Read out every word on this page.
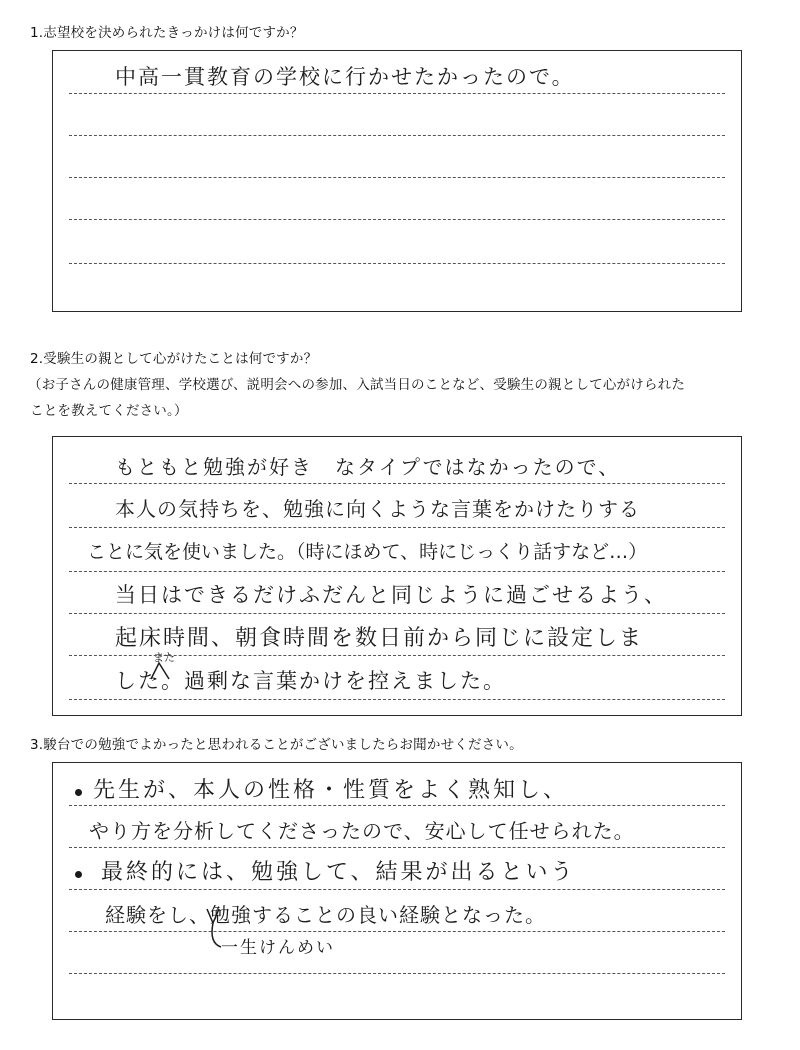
1.志望校を決められたきっかけは何ですか？
中高一貫教育の学校に行かせたかったので。
2.受験生の親として心がけたことは何ですか？
（お子さんの健康管理、学校選び、説明会への参加、入試当日のことなど、受験生の親として心がけられた
ことを教えてください。）
もともと勉強が好き　なタイプではなかったので、
本人の気持ちを、勉強に向くような言葉をかけたりする
ことに気を使いました。（時にほめて、時にじっくり話すなど…）
当日はできるだけふだんと同じように過ごせるよう、
起床時間、朝食時間を数日前から同じに設定しま
した。過剰な言葉かけを控えました。
また
3.駿台での勉強でよかったと思われることがございましたらお聞かせください。
先生が、本人の性格・性質をよく熟知し、
やり方を分析してくださったので、安心して任せられた。
最終的には、勉強して、結果が出るという
経験をし、勉強することの良い経験となった。
一生けんめい
